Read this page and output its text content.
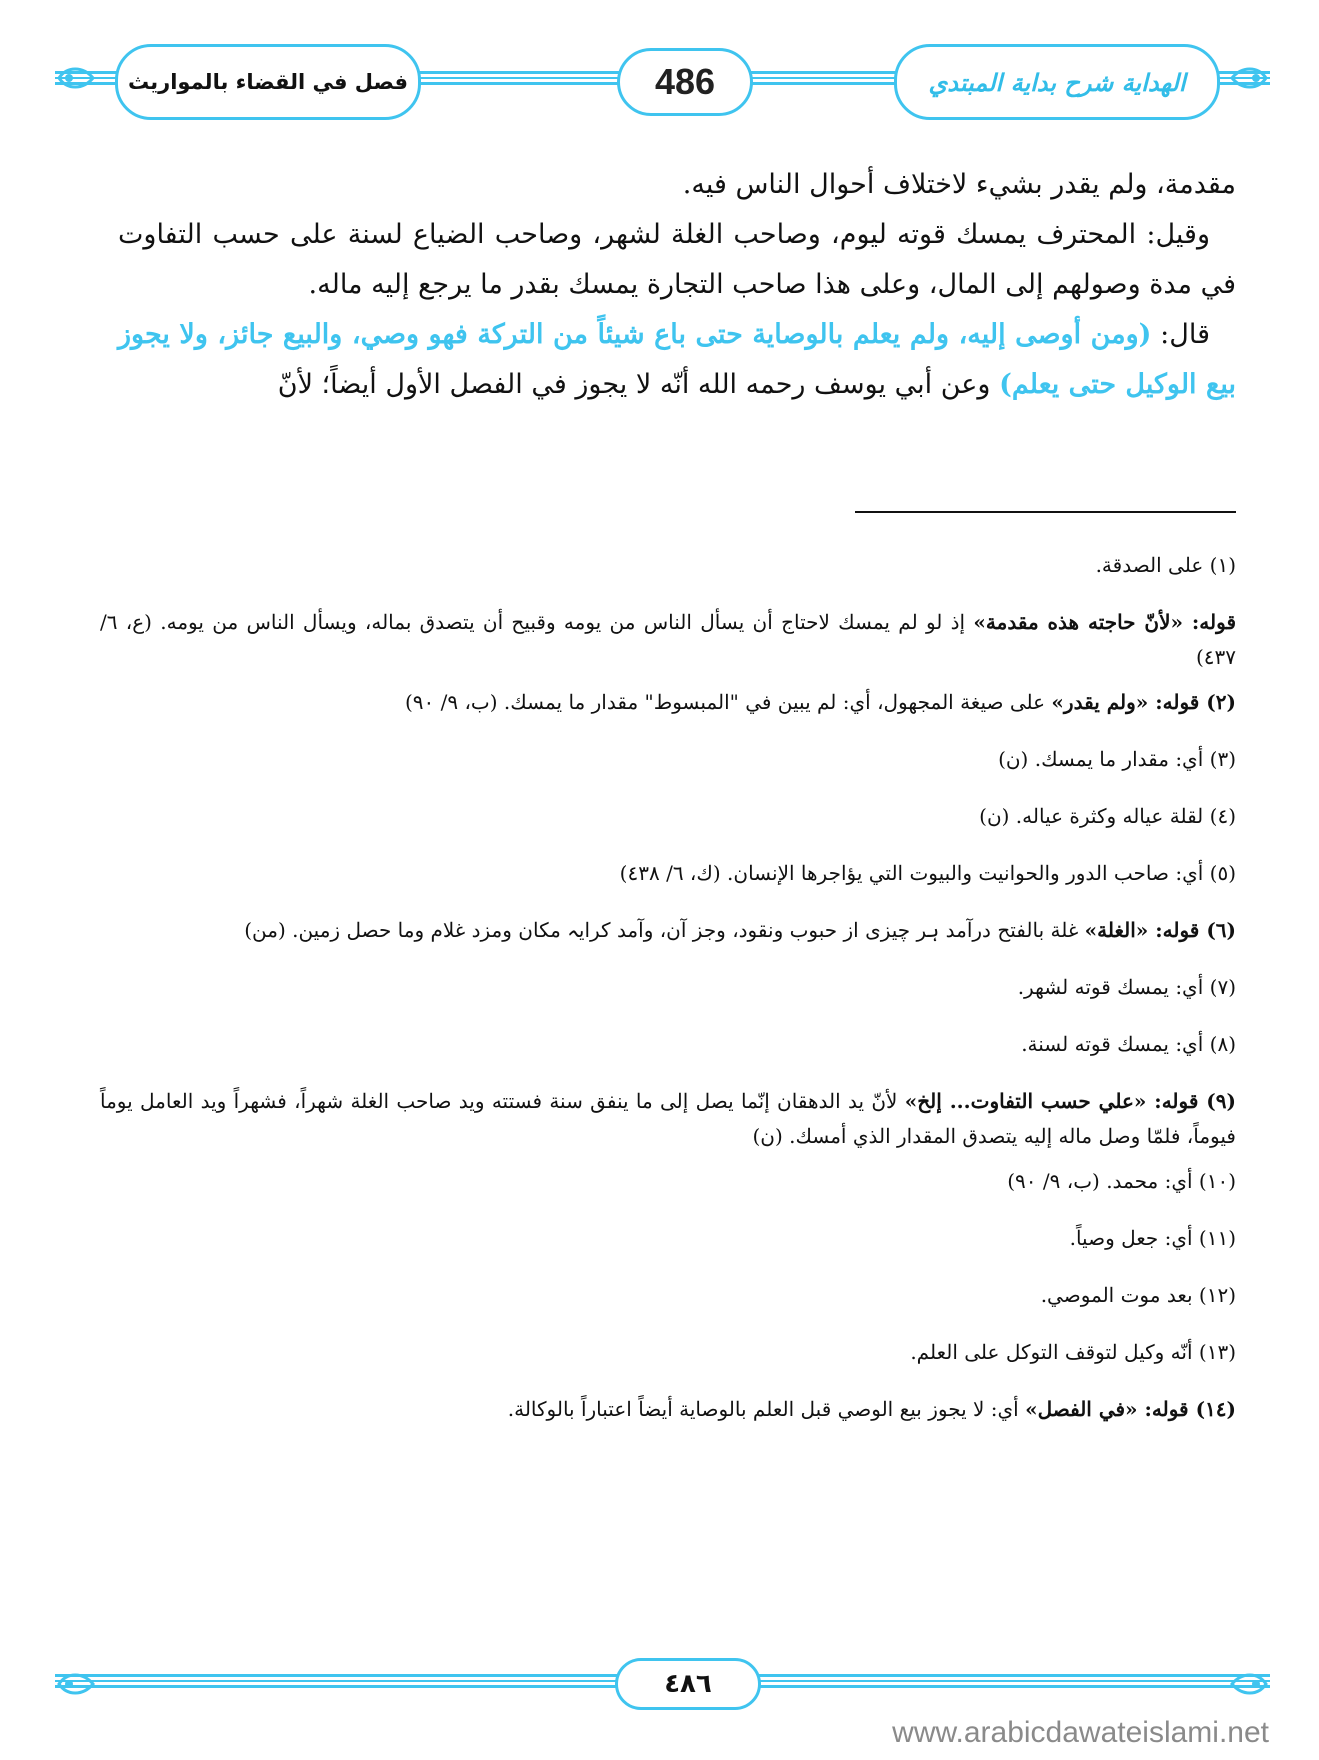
فصل في القضاء بالمواريث	486	الهداية شرح بداية المبتدي

مقدمة، ولم يقدر بشيء لاختلاف أحوال الناس فيه.

وقيل: المحترف يمسك قوته ليوم، وصاحب الغلة لشهر، وصاحب الضياع لسنة على حسب التفاوت في مدة وصولهم إلى المال، وعلى هذا صاحب التجارة يمسك بقدر ما يرجع إليه ماله.

قال: (ومن أوصى إليه، ولم يعلم بالوصاية حتى باع شيئاً من التركة فهو وصي، والبيع جائز، ولا يجوز بيع الوكيل حتى يعلم) وعن أبي يوسف رحمه الله أنّه لا يجوز في الفصل الأول أيضاً؛ لأنّ

(١) على الصدقة.

قوله: «لأنّ حاجته هذه مقدمة» إذ لو لم يمسك لاحتاج أن يسأل الناس من يومه وقبيح أن يتصدق بماله، ويسأل الناس من يومه. (ع، ٦/ ٤٣٧)

(٢) قوله: «ولم يقدر» على صيغة المجهول، أي: لم يبين في "المبسوط" مقدار ما يمسك. (ب، ٩/ ٩٠)

(٣) أي: مقدار ما يمسك. (ن)

(٤) لقلة عياله وكثرة عياله. (ن)

(٥) أي: صاحب الدور والحوانيت والبيوت التي يؤاجرها الإنسان. (ك، ٦/ ٤٣٨)

(٦) قوله: «الغلة» غلة بالفتح درآمد ہر چیزی از حبوب ونقود، وجز آن، وآمد كرایہ مكان ومزد غلام وما حصل زمین. (من)

(٧) أي: يمسك قوته لشهر.

(٨) أي: يمسك قوته لسنة.

(٩) قوله: «علي حسب التفاوت... إلخ» لأنّ يد الدهقان إنّما يصل إلى ما ينفق سنة فستته ويد صاحب الغلة شهراً، فشهراً ويد العامل يوماً فيوماً، فلمّا وصل ماله إليه يتصدق المقدار الذي أمسك. (ن)

(١٠) أي: محمد. (ب، ٩/ ٩٠)

(١١) أي: جعل وصياً.

(١٢) بعد موت الموصي.

(١٣) أنّه وكيل لتوقف التوكل على العلم.

(١٤) قوله: «في الفصل» أي: لا يجوز بيع الوصي قبل العلم بالوصاية أيضاً اعتباراً بالوكالة.

٤٨٦
www.arabicdawateislami.net
